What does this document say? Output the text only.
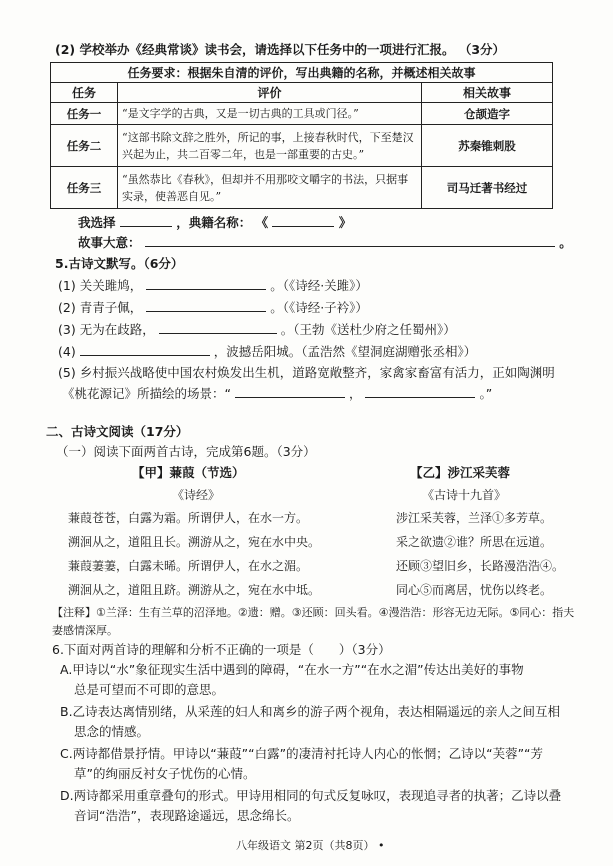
(2) 学校举办《经典常谈》读书会，请选择以下任务中的一项进行汇报。 （3分）
任务要求：根据朱自清的评价，写出典籍的名称，并概述相关故事		
任务	评价	相关故事
任务一	“是文字学的古典，又是一切古典的工具或门径。”	仓颉造字
任务二	“这部书除文辞之胜外，所记的事，上接春秋时代，下至楚汉兴起为止，共二百零二年，也是一部重要的古史。”	苏秦锥刺股
任务三	“虽然恭比《春秋》，但却并不用那咬文嚼字的书法，只据事实录，使善恶自见。”	司马迁著书经过
我选择	，典籍名称： 《	》
故事大意：	。
5.古诗文默写。（6分）
(1) 关关雎鸠，	。（《诗经·关雎》）
(2) 青青子佩，	。（《诗经·子衿》）
(3) 无为在歧路，	。（王勃《送杜少府之任蜀州》）
(4)	，波撼岳阳城。（孟浩然《望洞庭湖赠张丞相》）
(5) 乡村振兴战略使中国农村焕发出生机，道路宽敞整齐，家禽家畜富有活力，正如陶渊明
《桃花源记》所描绘的场景：“	，	。”
二、古诗文阅读（17分）
（一）阅读下面两首古诗，完成第6题。（3分）
【甲】蒹葭（节选）
《诗经》
蒹葭苍苍，白露为霜。所谓伊人，在水一方。
溯洄从之，道阻且长。溯游从之，宛在水中央。
蒹葭萋萋，白露未晞。所谓伊人，在水之湄。
溯洄从之，道阻且跻。溯游从之，宛在水中坻。
【乙】涉江采芙蓉
《古诗十九首》
涉江采芙蓉，兰泽①多芳草。
采之欲遗②谁？所思在远道。
还顾③望旧乡，长路漫浩浩④。
同心⑤而离居，忧伤以终老。
【注释】①兰泽：生有兰草的沼泽地。②遗：赠。③还顾：回头看。④漫浩浩：形容无边无际。⑤同心：指夫
妻感情深厚。
6.下面对两首诗的理解和分析不正确的一项是（　　）（3分）
A.甲诗以“水”象征现实生活中遇到的障碍，“在水一方”“在水之湄”传达出美好的事物
总是可望而不可即的意思。
B.乙诗表达离情别绪，从采莲的妇人和离乡的游子两个视角，表达相隔遥远的亲人之间互相
思念的情感。
C.两诗都借景抒情。甲诗以“蒹葭”“白露”的凄清衬托诗人内心的怅惘；乙诗以“芙蓉”“芳
草”的绚丽反衬女子忧伤的心情。
D.两诗都采用重章叠句的形式。甲诗用相同的句式反复咏叹，表现追寻者的执著；乙诗以叠
音词“浩浩”，表现路途遥远，思念绵长。
八年级语文 第2页（共8页） •
